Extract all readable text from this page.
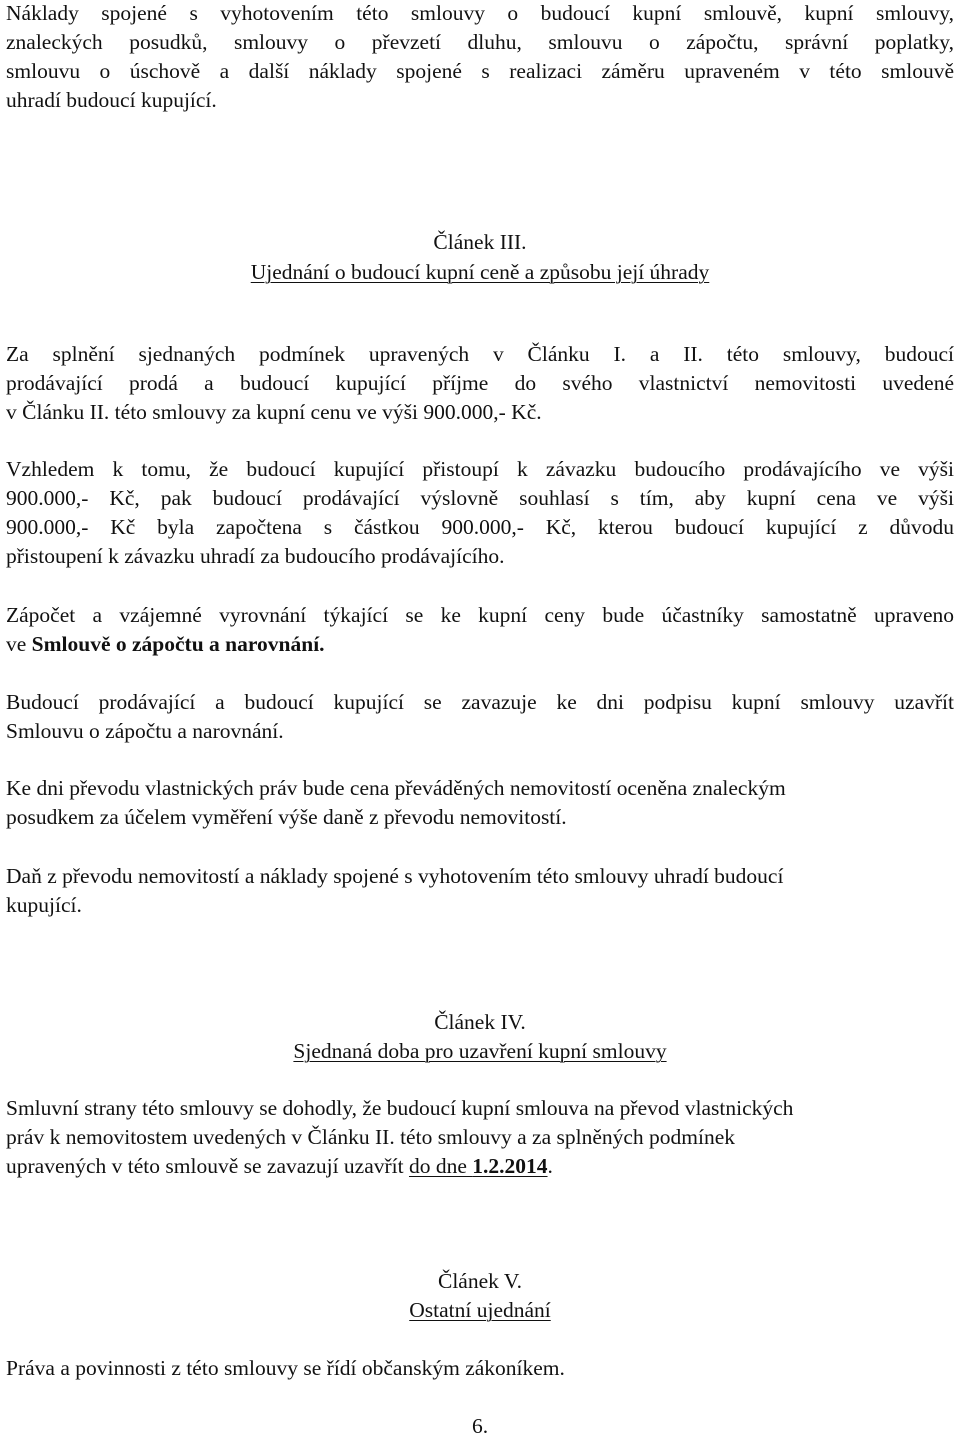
Náklady spojené s vyhotovením této smlouvy o budoucí kupní smlouvě, kupní smlouvy,
znaleckých posudků, smlouvy o převzetí dluhu, smlouvu o zápočtu, správní poplatky,
smlouvu o úschově a další náklady spojené s realizaci záměru upraveném v této smlouvě
uhradí budoucí kupující.

Článek III.

Ujednání o budoucí kupní ceně a způsobu její úhrady

Za splnění sjednaných podmínek upravených v Článku I. a II. této smlouvy, budoucí
prodávající prodá a budoucí kupující příjme do svého vlastnictví nemovitosti uvedené
v Článku II. této smlouvy za kupní cenu ve výši 900.000,- Kč.

Vzhledem k tomu, že budoucí kupující přistoupí k závazku budoucího prodávajícího ve výši
900.000,- Kč, pak budoucí prodávající výslovně souhlasí s tím, aby kupní cena ve výši
900.000,- Kč byla započtena s částkou 900.000,- Kč, kterou budoucí kupující z důvodu
přistoupení k závazku uhradí za budoucího prodávajícího.

Zápočet a vzájemné vyrovnání týkající se ke kupní ceny bude účastníky samostatně upraveno
ve Smlouvě o zápočtu a narovnání.

Budoucí prodávající a budoucí kupující se zavazuje ke dni podpisu kupní smlouvy uzavřít
Smlouvu o zápočtu a narovnání.

Ke dni převodu vlastnických práv bude cena převáděných nemovitostí oceněna znaleckým
posudkem za účelem vyměření výše daně z převodu nemovitostí.

Daň z převodu nemovitostí a náklady spojené s vyhotovením této smlouvy uhradí budoucí
kupující.

Článek IV.

Sjednaná doba pro uzavření kupní smlouvy

Smluvní strany této smlouvy se dohodly, že budoucí kupní smlouva na převod vlastnických
práv k nemovitostem uvedených v Článku II. této smlouvy a za splněných podmínek
upravených v této smlouvě se zavazují uzavřít do dne 1.2.2014.

Článek V.

Ostatní ujednání

Práva a povinnosti z této smlouvy se řídí občanským zákoníkem.

6.
